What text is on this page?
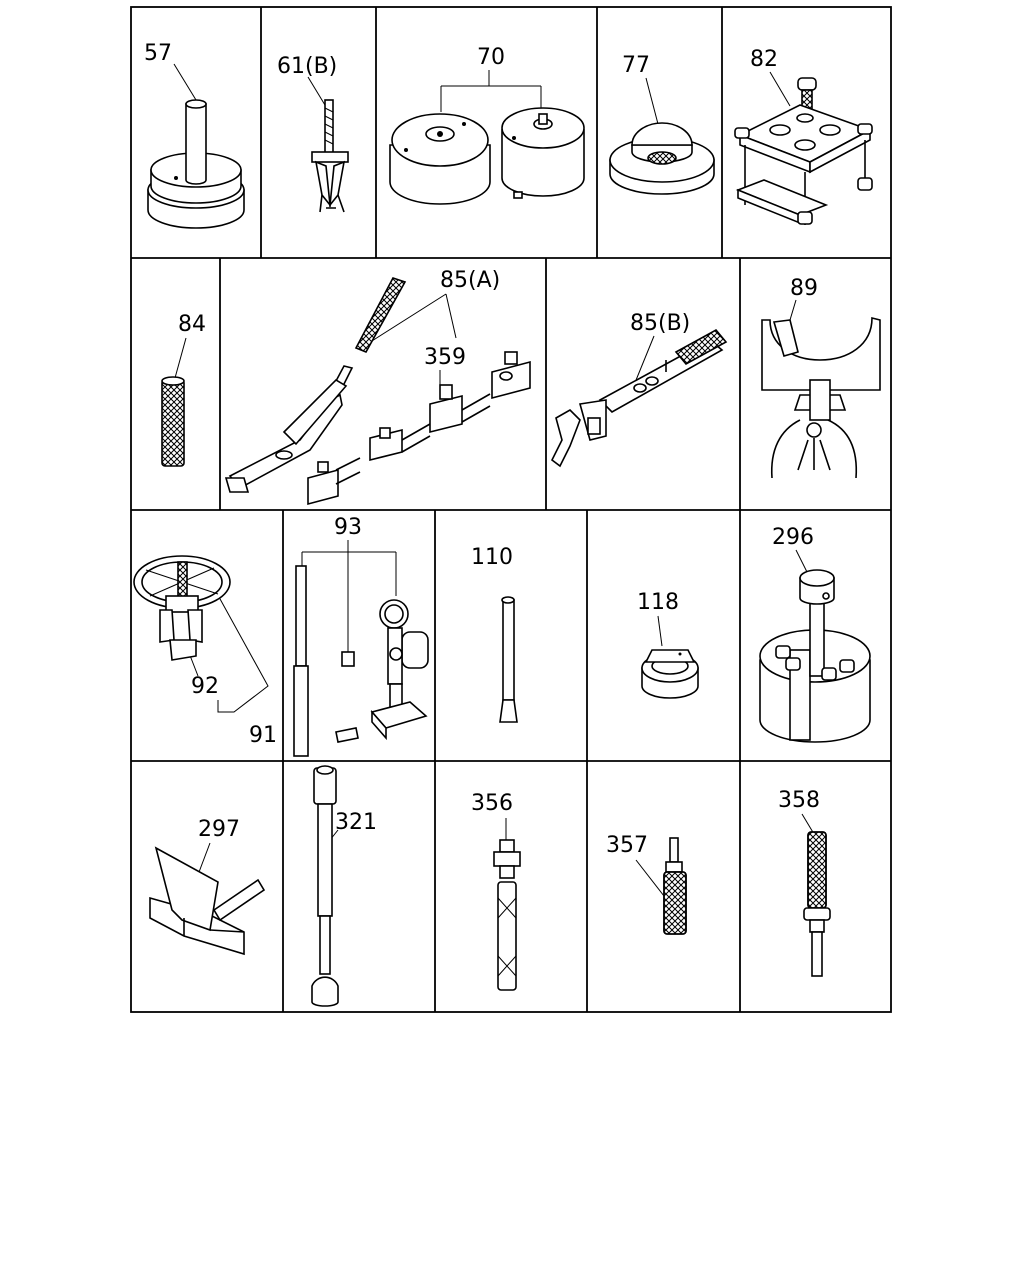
57
61(B)	70	77	82
84
85(A)
359
85(B)
89
92
91
93
110
118
296
297	321
356
357
358
